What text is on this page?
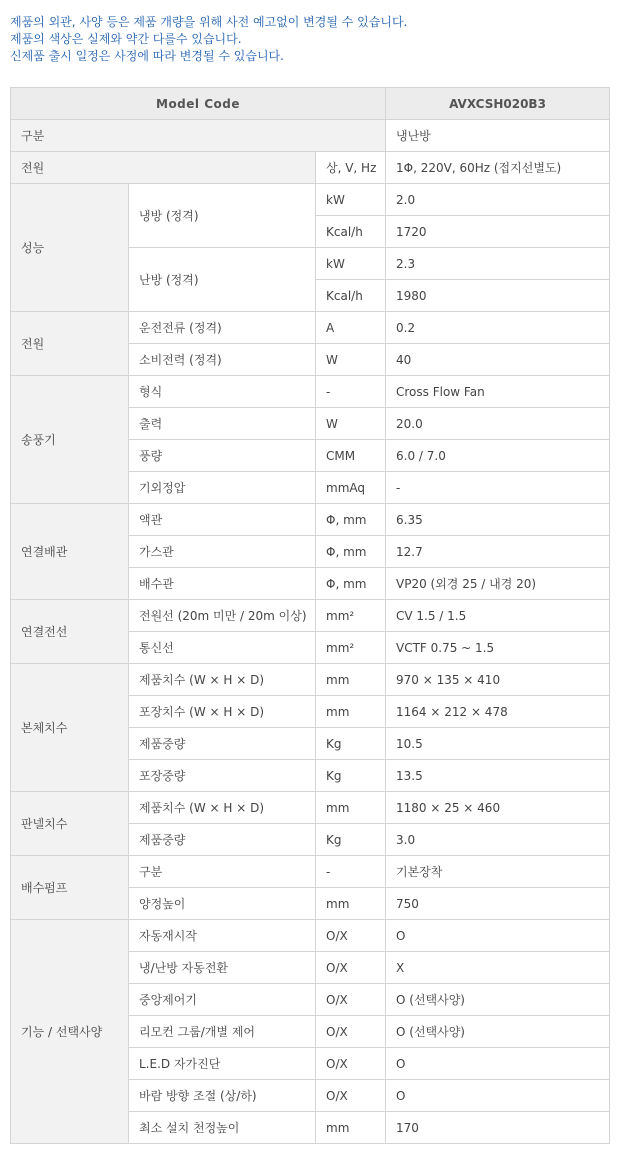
제품의 외관, 사양 등은 제품 개량을 위해 사전 예고없이 변경될 수 있습니다.
제품의 색상은 실제와 약간 다를수 있습니다.
신제품 출시 일정은 사정에 따라 변경될 수 있습니다.
Model Code			AVXCSH020B3
구분			냉난방
전원		상, V, Hz	1Φ, 220V, 60Hz (접지선별도)
성능	냉방 (정격)	kW	2.0
		Kcal/h	1720
	난방 (정격)	kW	2.3
		Kcal/h	1980
전원	운전전류 (정격)	A	0.2
	소비전력 (정격)	W	40
송풍기	형식	-	Cross Flow Fan
	출력	W	20.0
	풍량	CMM	6.0 / 7.0
	기외정압	mmAq	-
연결배관	액관	Φ, mm	6.35
	가스관	Φ, mm	12.7
	배수관	Φ, mm	VP20 (외경 25 / 내경 20)
연결전선	전원선 (20m 미만 / 20m 이상)	mm²	CV 1.5 / 1.5
	통신선	mm²	VCTF 0.75 ~ 1.5
본체치수	제품치수 (W × H × D)	mm	970 × 135 × 410
	포장치수 (W × H × D)	mm	1164 × 212 × 478
	제품중량	Kg	10.5
	포장중량	Kg	13.5
판넬치수	제품치수 (W × H × D)	mm	1180 × 25 × 460
	제품중량	Kg	3.0
배수펌프	구분	-	기본장착
	양정높이	mm	750
기능 / 선택사양	자동재시작	O/X	O
	냉/난방 자동전환	O/X	X
	중앙제어기	O/X	O (선택사양)
	리모컨 그룹/개별 제어	O/X	O (선택사양)
	L.E.D 자가진단	O/X	O
	바람 방향 조절 (상/하)	O/X	O
	최소 설치 천정높이	mm	170
